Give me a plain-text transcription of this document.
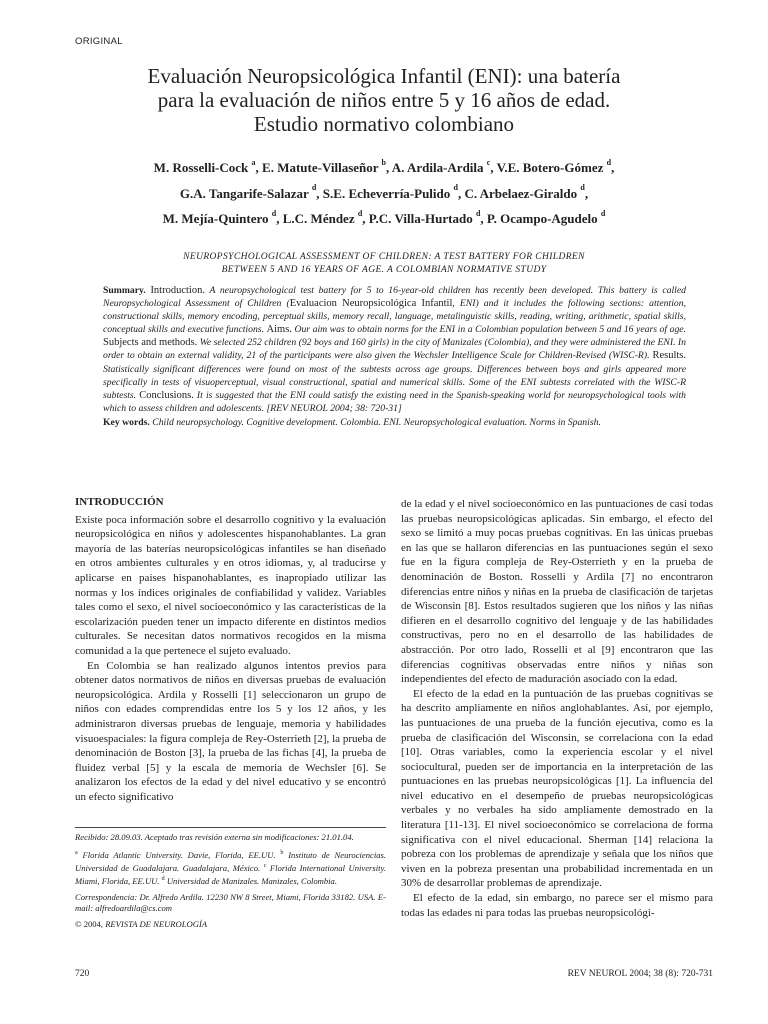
ORIGINAL
Evaluación Neuropsicológica Infantil (ENI): una batería
para la evaluación de niños entre 5 y 16 años de edad.
Estudio normativo colombiano
M. Rosselli-Cock $^a$, E. Matute-Villaseñor $^b$, A. Ardila-Ardila $^c$, V.E. Botero-Gómez $^d$,
G.A. Tangarife-Salazar $^d$, S.E. Echeverría-Pulido $^d$, C. Arbelaez-Giraldo $^d$,
M. Mejía-Quintero $^d$, L.C. Méndez $^d$, P.C. Villa-Hurtado $^d$, P. Ocampo-Agudelo $^d$
NEUROPSYCHOLOGICAL ASSESSMENT OF CHILDREN: A TEST BATTERY FOR CHILDREN
BETWEEN 5 AND 16 YEARS OF AGE. A COLOMBIAN NORMATIVE STUDY
Summary. Introduction. A neuropsychological test battery for 5 to 16-year-old children has recently been developed. This battery is called Neuropsychological Assessment of Children (Evaluacion Neuropsicológica Infantil, ENI) and it includes the following sections: attention, constructional skills, memory encoding, perceptual skills, memory recall, language, metalinguistic skills, reading, writing, arithmetic, spatial skills, conceptual skills and executive functions. Aims. Our aim was to obtain norms for the ENI in a Colombian population between 5 and 16 years of age. Subjects and methods. We selected 252 children (92 boys and 160 girls) in the city of Manizales (Colombia), and they were administered the ENI. In order to obtain an external validity, 21 of the participants were also given the Wechsler Intelligence Scale for Children-Revised (WISC-R). Results. Statistically significant differences were found on most of the subtests across age groups. Differences between boys and girls appeared more specifically in tests of visuoperceptual, visual constructional, spatial and numerical skills. Some of the ENI subtests correlated with the WISC-R subtests. Conclusions. It is suggested that the ENI could satisfy the existing need in the Spanish-speaking world for neuropsychological tools with which to assess children and adolescents. [REV NEUROL 2004; 38: 720-31]
Key words. Child neuropsychology. Cognitive development. Colombia. ENI. Neuropsychological evaluation. Norms in Spanish.
INTRODUCCIÓN

Existe poca información sobre el desarrollo cognitivo y la evaluación neuropsicológica en niños y adolescentes hispanohablantes. La gran mayoría de las baterías neuropsicológicas infantiles se han diseñado en otros ambientes culturales y en otros idiomas, y, al traducirse y aplicarse en países hispanohablantes, es inapropiado utilizar las normas y los índices originales de confiabilidad y validez. Variables tales como el sexo, el nivel socioeconómico y las características de la escolarización pueden tener un impacto diferente en distintos medios culturales. Se necesitan datos normativos recogidos en la misma comunidad a la que pertenece el sujeto evaluado.

En Colombia se han realizado algunos intentos previos para obtener datos normativos de niños en diversas pruebas de evaluación neuropsicológica. Ardila y Rosselli [1] seleccionaron un grupo de niños con edades comprendidas entre los 5 y los 12 años, y les administraron diversas pruebas de lenguaje, memoria y habilidades visuoespaciales: la figura compleja de Rey-Osterrieth [2], la prueba de denominación de Boston [3], la prueba de las fichas [4], la prueba de fluidez verbal [5] y la escala de memoria de Wechsler [6]. Se analizaron los efectos de la edad y del nivel educativo y se encontró un efecto significativo

de la edad y el nivel socioeconómico en las puntuaciones de casi todas las pruebas neuropsicológicas aplicadas. Sin embargo, el efecto del sexo se limitó a muy pocas pruebas cognitivas. En las únicas pruebas en las que se hallaron diferencias en las puntuaciones según el sexo fue en la figura compleja de Rey-Osterrieth y en la prueba de denominación de Boston. Rosselli y Ardila [7] no encontraron diferencias entre niños y niñas en la prueba de clasificación de tarjetas de Wisconsin [8]. Estos resultados sugieren que los niños y las niñas difieren en el desarrollo cognitivo del lenguaje y de las habilidades constructivas, pero no en el desarrollo de las habilidades de abstracción. Por otro lado, Rosselli et al [9] encontraron que las diferencias cognitivas observadas entre niños y niñas son independientes del efecto de maduración asociado con la edad.

El efecto de la edad en la puntuación de las pruebas cognitivas se ha descrito ampliamente en niños anglohablantes. Así, por ejemplo, las puntuaciones de una prueba de la función ejecutiva, como es la prueba de clasificación del Wisconsin, se correlaciona con la edad [10]. Otras variables, como la experiencia escolar y el nivel sociocultural, pueden ser de importancia en la interpretación de las puntuaciones en las pruebas neuropsicológicas [1]. La influencia del nivel educativo en el desempeño de pruebas neuropsicológicas verbales y no verbales ha sido ampliamente demostrado en la literatura [11-13]. El nivel socioeconómico se correlaciona de forma significativa con el nivel educacional. Sherman [14] relaciona la pobreza con los problemas de aprendizaje y señala que los niños que viven en la pobreza presentan una probabilidad incrementada en un 30% de desarrollar problemas de aprendizaje.

El efecto de la edad, sin embargo, no parece ser el mismo para todas las edades ni para todas las pruebas neuropsicológi-

Recibido: 28.09.03. Aceptado tras revisión externa sin modificaciones: 21.01.04.

$^a$ Florida Atlantic University. Davie, Florida, EE.UU. $^b$ Instituto de Neurociencias. Universidad de Guadalajara. Guadalajara, México. $^c$ Florida International University. Miami, Florida, EE.UU. $^d$ Universidad de Manizales. Manizales, Colombia.

Correspondencia: Dr. Alfredo Ardila. 12230 NW 8 Street, Miami, Florida 33182. USA. E-mail: alfredoardila@cs.com

© 2004, REVISTA DE NEUROLOGÍA

720	REV NEUROL 2004; 38 (8): 720-731
